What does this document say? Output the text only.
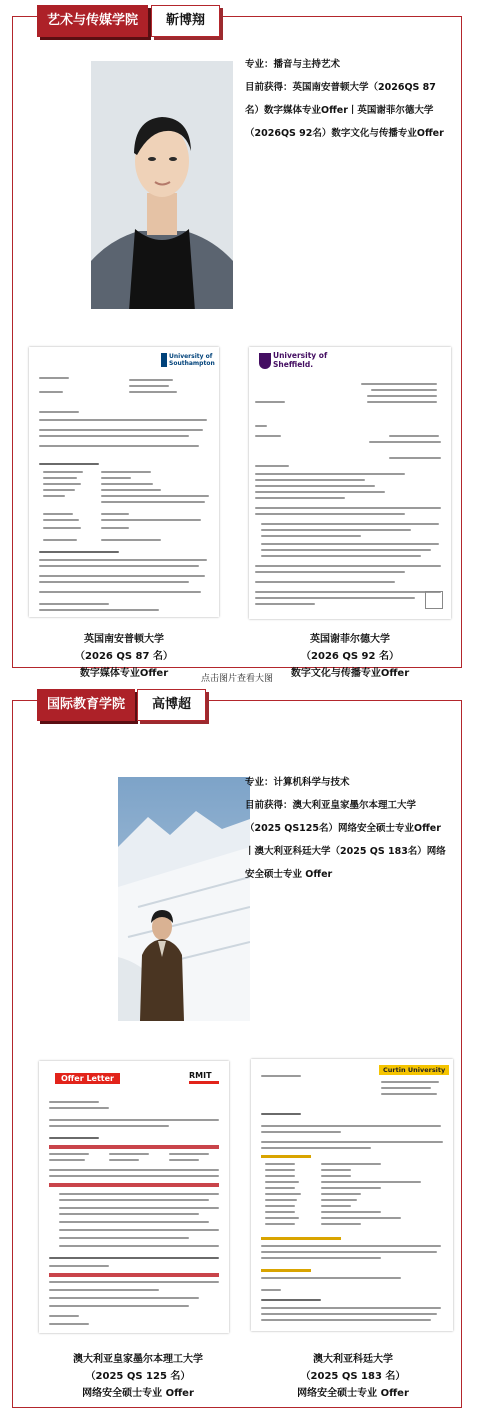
艺术与传媒学院	靳博翔
专业：播音与主持艺术
目前获得：英国南安普顿大学（2026QS 87名）数字媒体专业Offer丨英国谢菲尔德大学（2026QS 92名）数字文化与传播专业Offer
University of
Southampton
University of
Sheffield.
英国南安普顿大学
（2026 QS 87 名）
数字媒体专业Offer
英国谢菲尔德大学
（2026 QS 92 名）
数字文化与传播专业Offer
点击图片查看大图
国际教育学院	高博超
专业：计算机科学与技术
目前获得：澳大利亚皇家墨尔本理工大学（2025 QS125名）网络安全硕士专业Offer丨澳大利亚科廷大学（2025 QS 183名）网络安全硕士专业 Offer
Offer Letter	RMIT
Curtin University
澳大利亚皇家墨尔本理工大学
（2025 QS 125 名）
网络安全硕士专业 Offer
澳大利亚科廷大学
（2025 QS 183 名）
网络安全硕士专业 Offer
